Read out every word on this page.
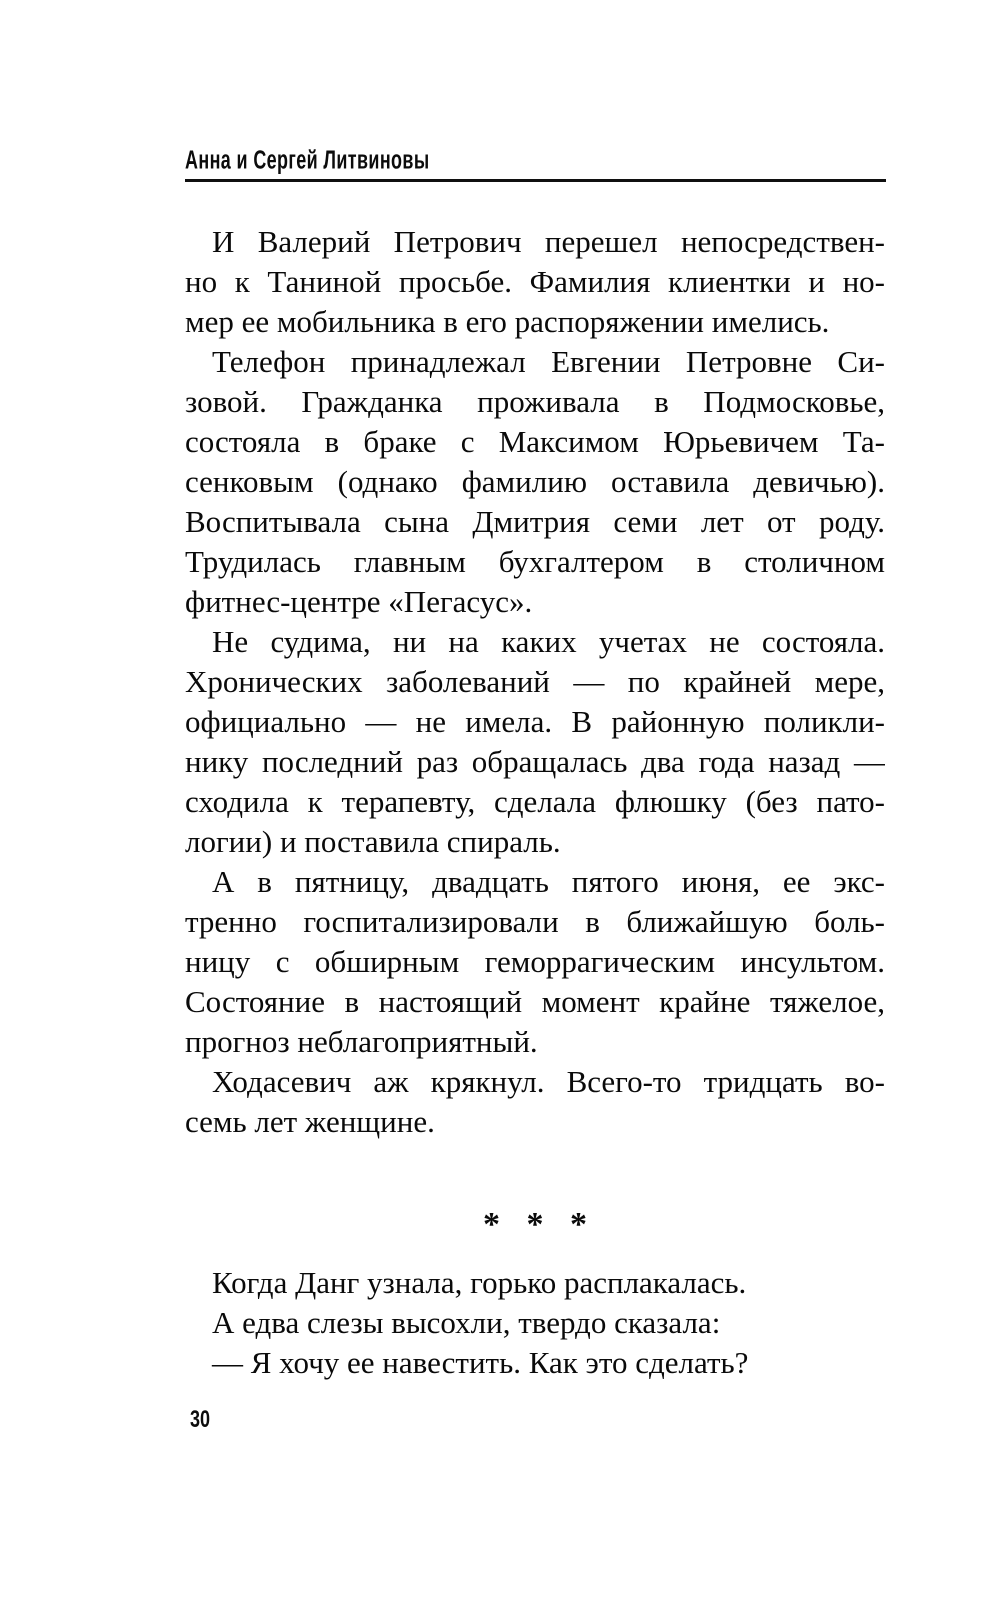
Анна и Сергей Литвиновы

И Валерий Петрович перешел непосредствен-
но к Таниной просьбе. Фамилия клиентки и но-
мер ее мобильника в его распоряжении имелись.

Телефон принадлежал Евгении Петровне Си-
зовой. Гражданка проживала в Подмосковье,
состояла в браке с Максимом Юрьевичем Та-
сенковым (однако фамилию оставила девичью).
Воспитывала сына Дмитрия семи лет от роду.
Трудилась главным бухгалтером в столичном
фитнес-центре «Пегасус».

Не судима, ни на каких учетах не состояла.
Хронических заболеваний — по крайней мере,
официально — не имела. В районную поликли-
нику последний раз обращалась два года назад —
сходила к терапевту, сделала флюшку (без пато-
логии) и поставила спираль.

А в пятницу, двадцать пятого июня, ее экс-
тренно госпитализировали в ближайшую боль-
ницу с обширным геморрагическим инсультом.
Состояние в настоящий момент крайне тяжелое,
прогноз неблагоприятный.

Ходасевич аж крякнул. Всего-то тридцать во-
семь лет женщине.

* * *

Когда Данг узнала, горько расплакалась.

А едва слезы высохли, твердо сказала:

— Я хочу ее навестить. Как это сделать?

30
